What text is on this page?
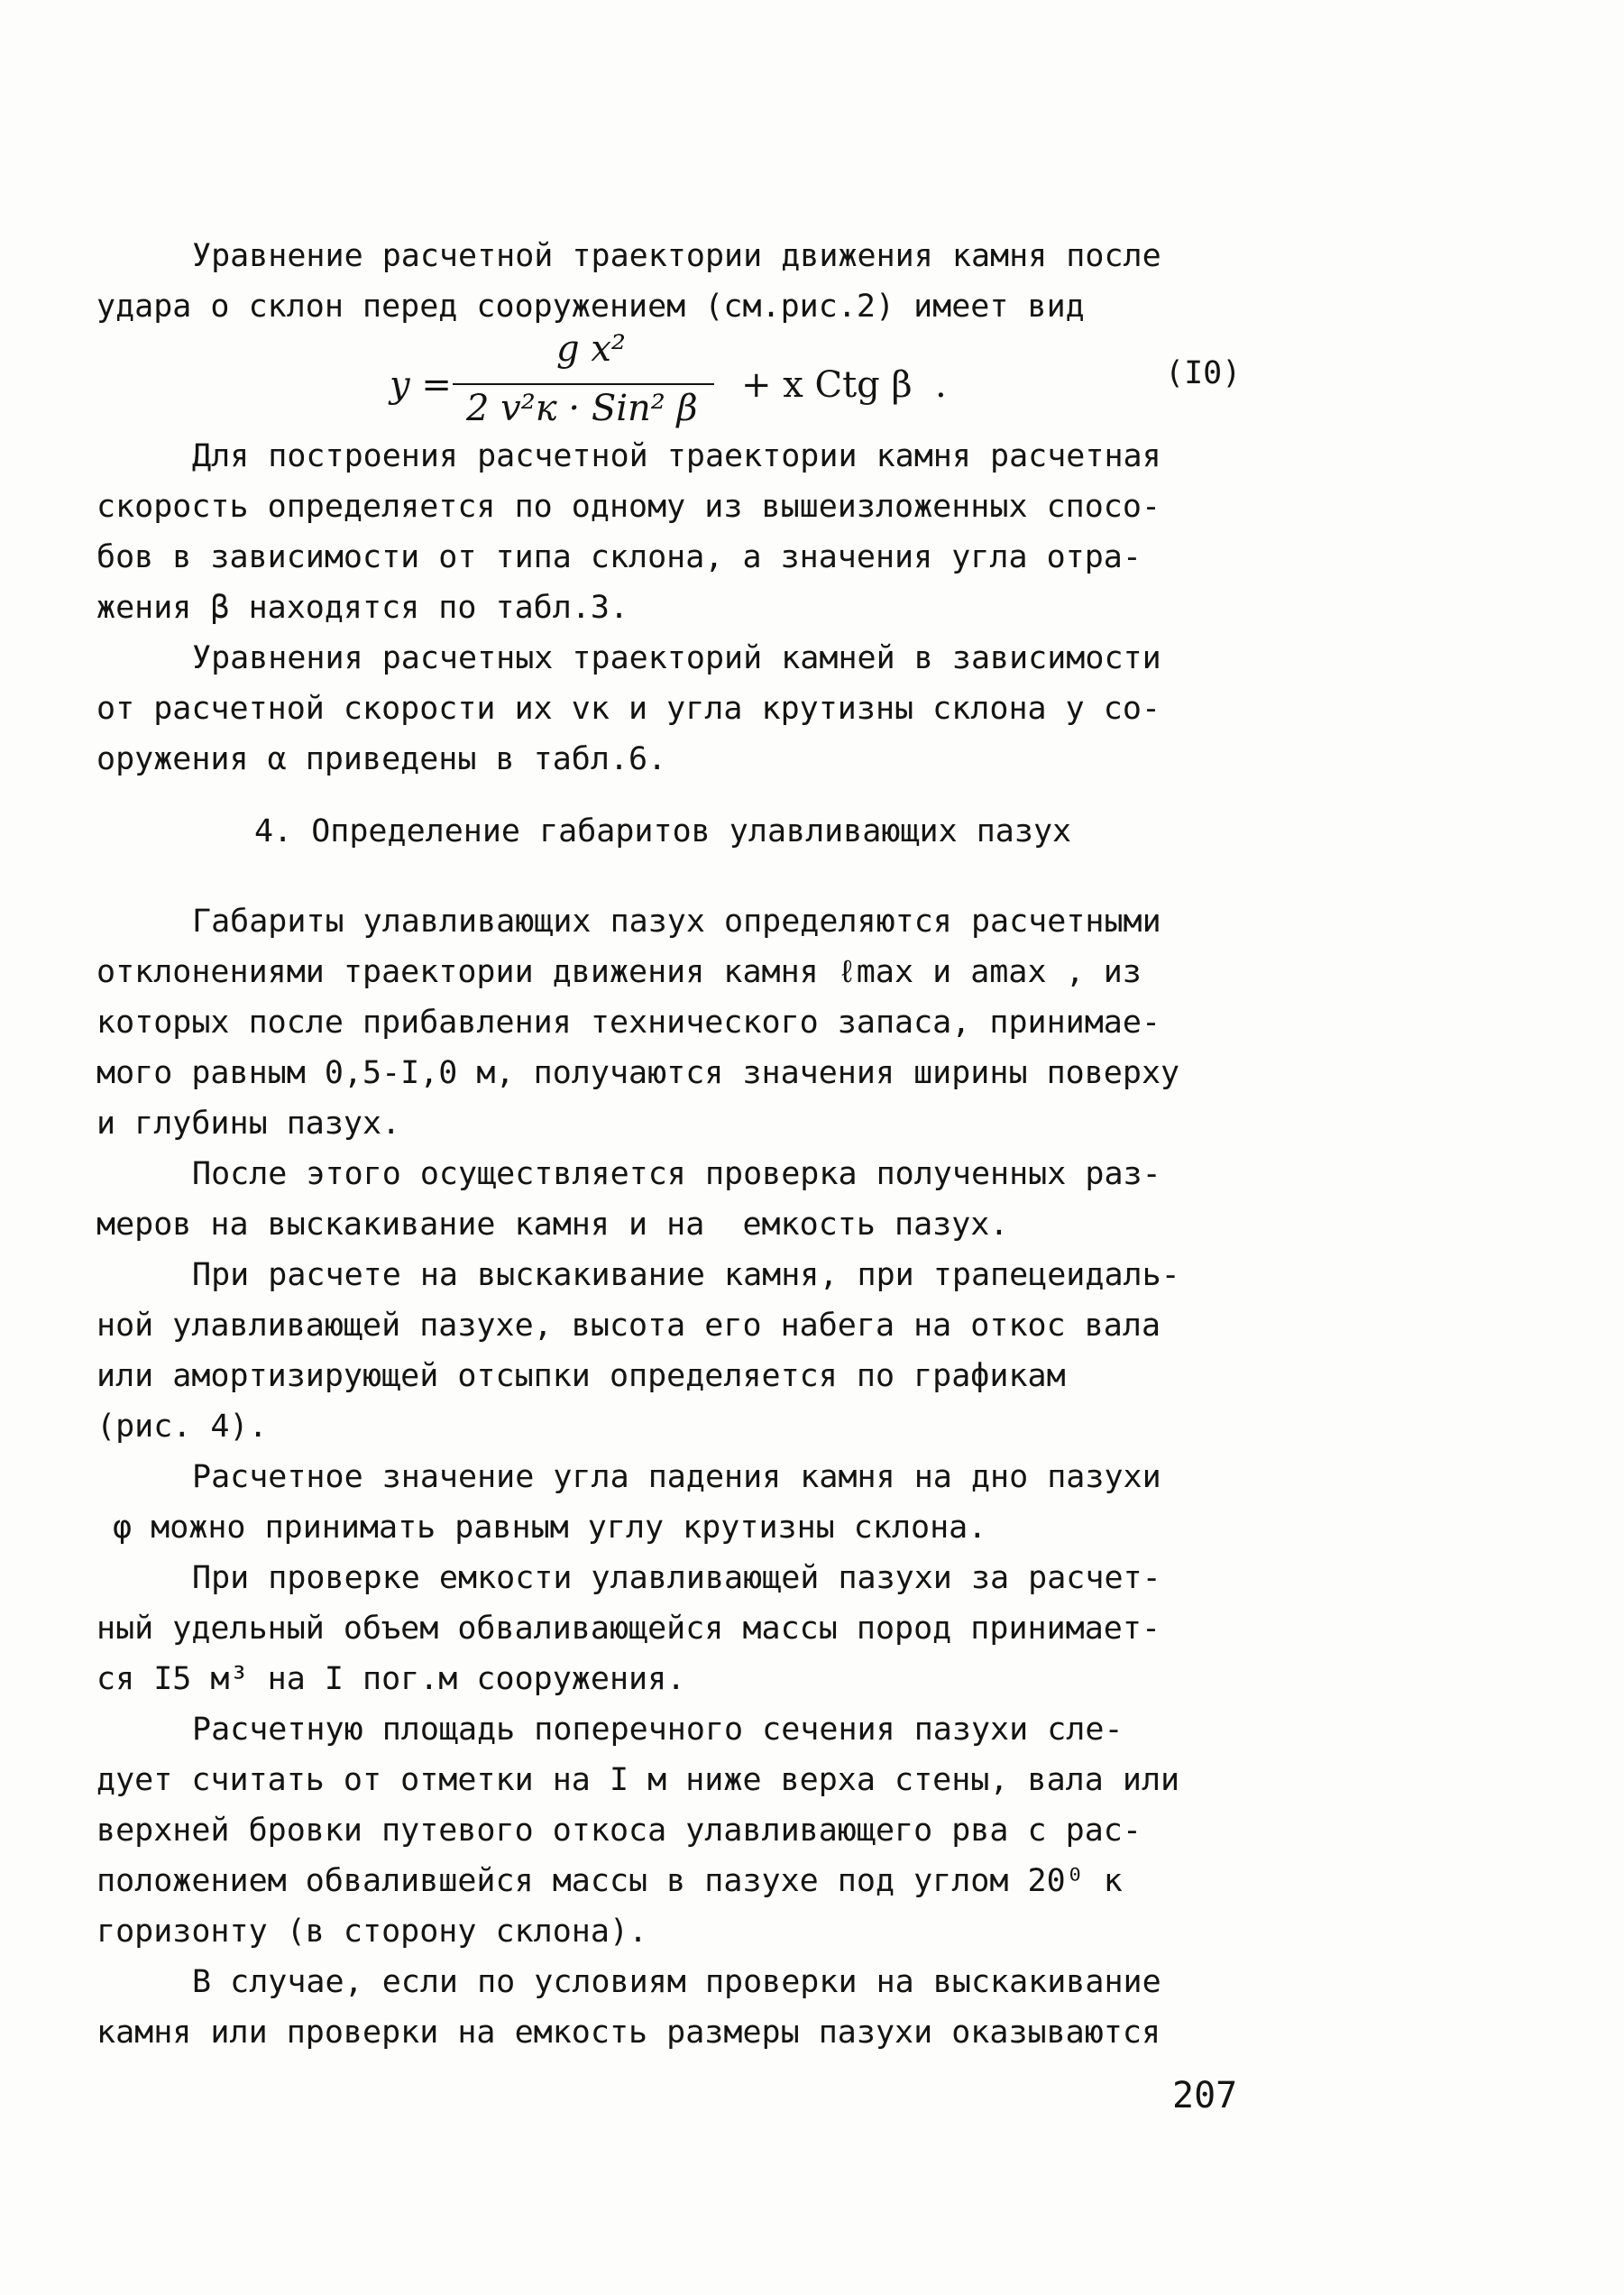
Уравнение расчетной траектории движения камня после
удара о склон перед сооружением (см.рис.2) имеет вид
y =
g x²
2 v²к · Sin² β
+ x Ctg β  .	(I0)
Для построения расчетной траектории камня расчетная
скорость определяется по одному из вышеизложенных спосо-
бов в зависимости от типа склона, а значения угла отра-
жения β находятся по табл.3.
Уравнения расчетных траекторий камней в зависимости
от расчетной скорости их vк и угла крутизны склона у со-
оружения α приведены в табл.6.
4. Определение габаритов улавливающих пазух
Габариты улавливающих пазух определяются расчетными
отклонениями траектории движения камня ℓmax и amax , из
которых после прибавления технического запаса, принимае-
мого равным 0,5-I,0 м, получаются значения ширины поверху
и глубины пазух.
После этого осуществляется проверка полученных раз-
меров на выскакивание камня и на  емкость пазух.
При расчете на выскакивание камня, при трапецеидаль-
ной улавливающей пазухе, высота его набега на откос вала
или амортизирующей отсыпки определяется по графикам
(рис. 4).
Расчетное значение угла падения камня на дно пазухи
φ можно принимать равным углу крутизны склона.
При проверке емкости улавливающей пазухи за расчет-
ный удельный объем обваливающейся массы пород принимает-
ся I5 м³ на I пог.м сооружения.
Расчетную площадь поперечного сечения пазухи сле-
дует считать от отметки на I м ниже верха стены, вала или
верхней бровки путевого откоса улавливающего рва с рас-
положением обвалившейся массы в пазухе под углом 20⁰ к
горизонту (в сторону склона).
В случае, если по условиям проверки на выскакивание
камня или проверки на емкость размеры пазухи оказываются
207
